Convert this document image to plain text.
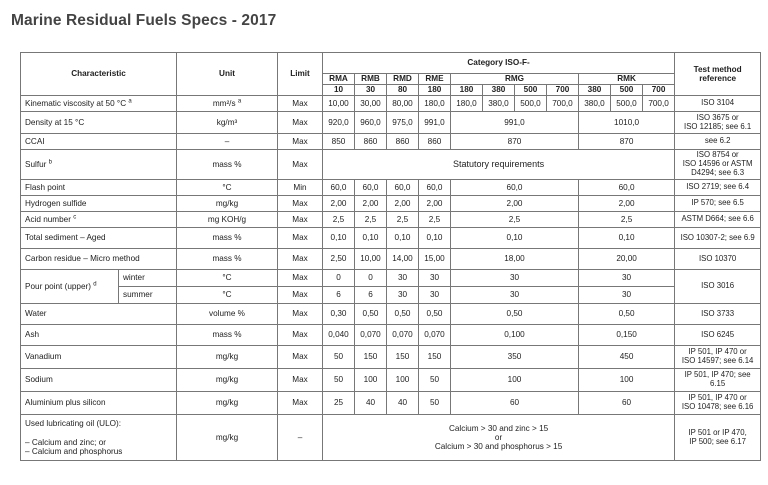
Marine Residual Fuels Specs - 2017
Characteristic		Unit	Limit	Category ISO-F-											Test method reference
				RMA	RMB	RMD	RME	RMG				RMK			
				10	30	80	180	180	380	500	700	380	500	700	
Kinematic viscosity at 50 °C $^a$		mm²/s $^a$	Max	10,00	30,00	80,00	180,0	180,0	380,0	500,0	700,0	380,0	500,0	700,0	ISO 3104
Density at 15 °C		kg/m³	Max	920,0	960,0	975,0	991,0	991,0				1010,0			ISO 3675 or
ISO 12185; see 6.1
CCAI		–	Max	850	860	860	860	870				870			see 6.2
Sulfur $^b$		mass %	Max	Statutory requirements											ISO 8754 or
ISO 14596 or ASTM
D4294; see 6.3
Flash point		°C	Min	60,0	60,0	60,0	60,0	60,0				60,0			ISO 2719; see 6.4
Hydrogen sulfide		mg/kg	Max	2,00	2,00	2,00	2,00	2,00				2,00			IP 570; see 6.5
Acid number $^c$		mg KOH/g	Max	2,5	2,5	2,5	2,5	2,5				2,5			ASTM D664; see 6.6
Total sediment – Aged		mass %	Max	0,10	0,10	0,10	0,10	0,10				0,10			ISO 10307-2; see 6.9
Carbon residue – Micro method		mass %	Max	2,50	10,00	14,00	15,00	18,00				20,00			ISO 10370
Pour point (upper) $^d$	winter	°C	Max	0	0	30	30	30				30			ISO 3016
	summer	°C	Max	6	6	30	30	30				30			
Water		volume %	Max	0,30	0,50	0,50	0,50	0,50				0,50			ISO 3733
Ash		mass %	Max	0,040	0,070	0,070	0,070	0,100				0,150			ISO 6245
Vanadium		mg/kg	Max	50	150	150	150	350				450			IP 501, IP 470 or
ISO 14597; see 6.14
Sodium		mg/kg	Max	50	100	100	50	100				100			IP 501, IP 470; see
6.15
Aluminium plus silicon		mg/kg	Max	25	40	40	50	60				60			IP 501, IP 470 or
ISO 10478; see 6.16
Used lubricating oil (ULO):

– Calcium and zinc; or
– Calcium and phosphorus		mg/kg	–	Calcium > 30 and zinc > 15
or
Calcium > 30 and phosphorus > 15											IP 501 or IP 470,
IP 500; see 6.17
